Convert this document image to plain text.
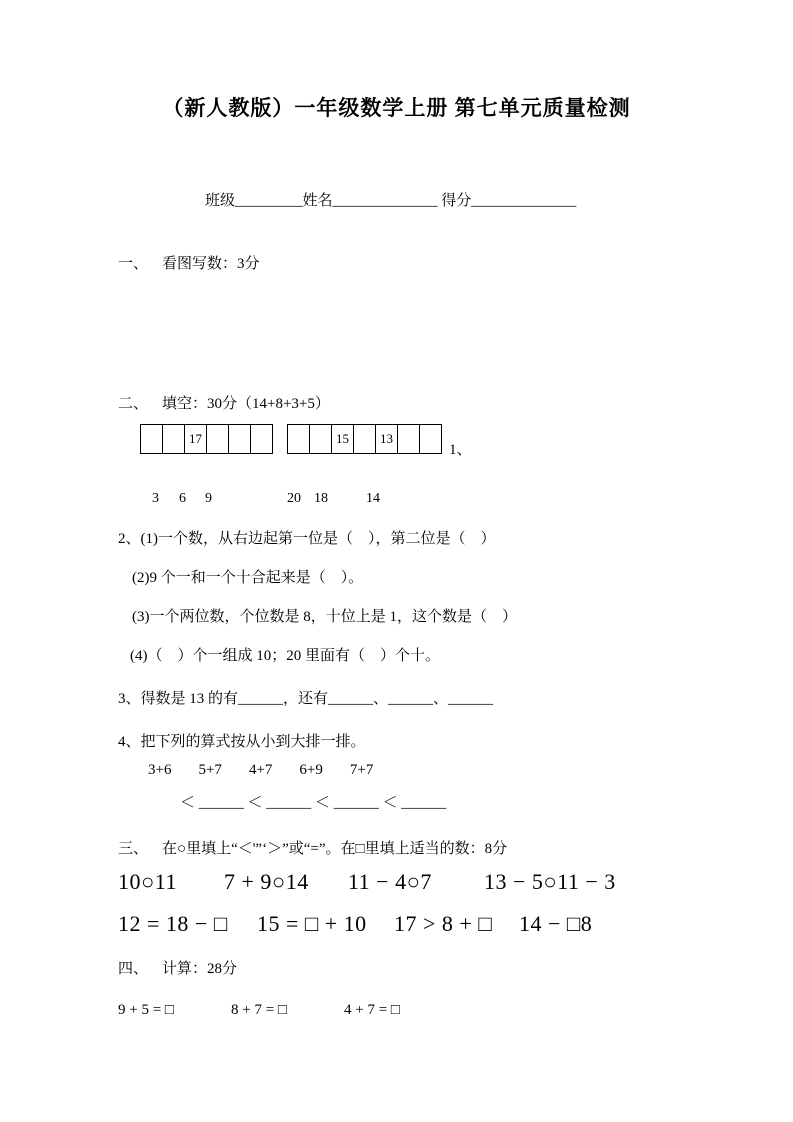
（新人教版）一年级数学上册 第七单元质量检测
班级_________姓名______________ 得分______________
一、 看图写数：3分
二、 填空：30分（14+8+3+5）
17	15	13
1、
3 6 9	20 18	14
2、(1)一个数，从右边起第一位是（　），第二位是（　）
(2)9 个一和一个十合起来是（　）。
(3)一个两位数，个位数是 8，十位上是 1，这个数是（　）
(4)（　）个一组成 10；20 里面有（　）个十。
3、得数是 13 的有______，还有______、______、______
4、把下列的算式按从小到大排一排。
3+6 5+7 4+7 6+9 7+7
＜ ______ ＜ ______ ＜ ______ ＜ ______
三、 在○里填上“＜'”‘＞”或“=”。在□里填上适当的数：8分
10○11 7 + 9○14 11 − 4○7 13 − 5○11 − 3
12 = 18 − □ 15 = □ + 10 17 > 8 + □ 14 − □8
四、 计算：28分
9 + 5 = □	8 + 7 = □	4 + 7 = □
